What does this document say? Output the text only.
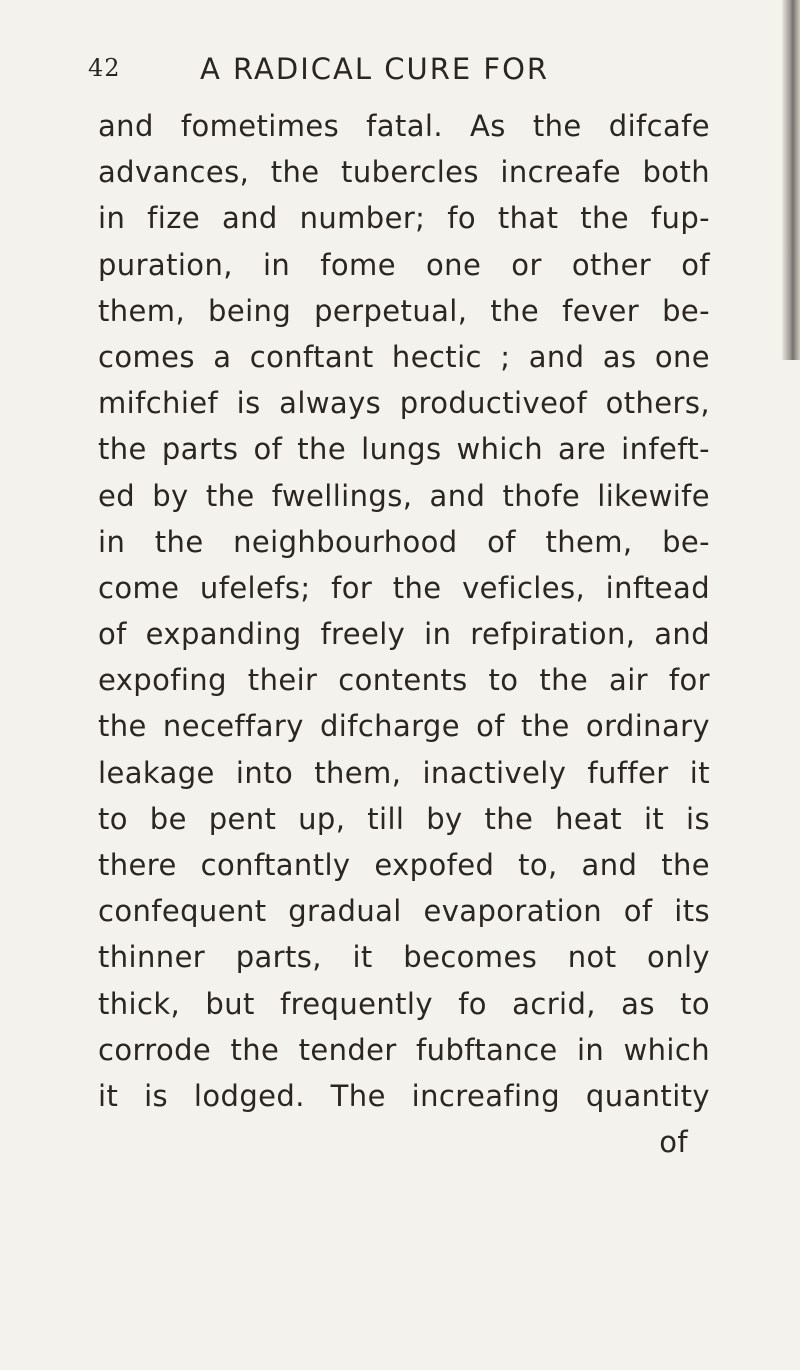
42	A RADICAL CURE FOR
and fometimes fatal. As the difcafe
advances, the tubercles increafe both
in fize and number; fo that the fup-
puration, in fome one or other of
them, being perpetual, the fever be-
comes a conftant hectic ; and as one
mifchief is always productiveof others,
the parts of the lungs which are infeft-
ed by the fwellings, and thofe likewife
in the neighbourhood of them, be-
come ufelefs; for the veficles, inftead
of expanding freely in refpiration, and
expofing their contents to the air for
the neceffary difcharge of the ordinary
leakage into them, inactively fuffer it
to be pent up, till by the heat it is
there conftantly expofed to, and the
confequent gradual evaporation of its
thinner parts, it becomes not only
thick, but frequently fo acrid, as to
corrode the tender fubftance in which
it is lodged. The increafing quantity
of
